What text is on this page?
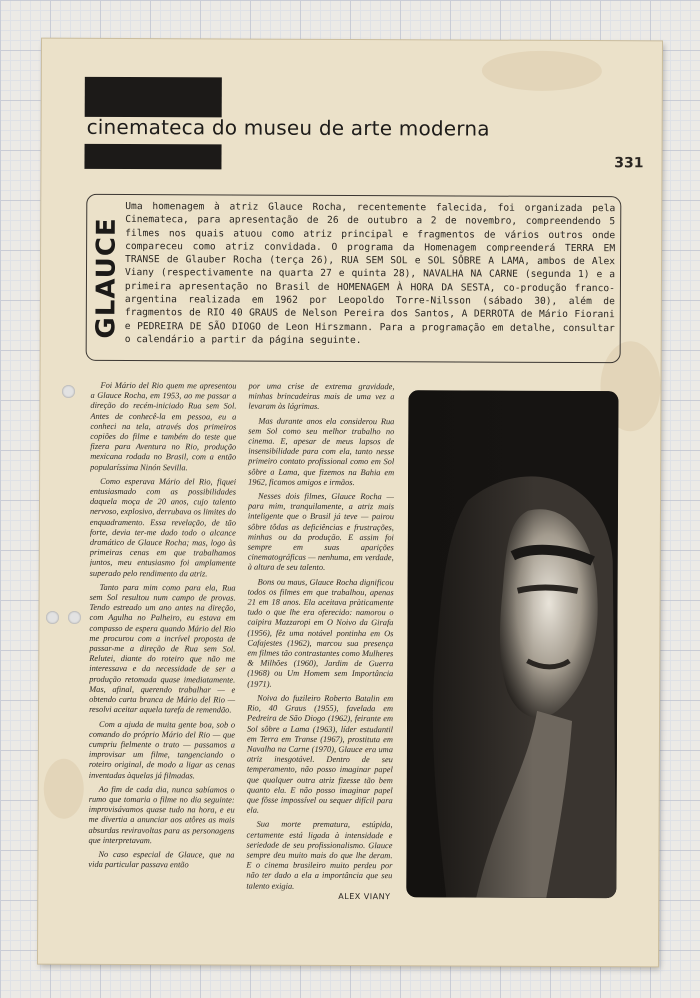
cinemateca do museu de arte moderna
331
GLAUCE

Uma homenagem à atriz Glauce Rocha, recentemente falecida, foi organizada pela Cinemateca, para apresentação de 26 de outubro a 2 de novembro, compreendendo 5 filmes nos quais atuou como atriz principal e fragmentos de vários outros onde compareceu como atriz convidada. O programa da Homenagem compreenderá TERRA EM TRANSE de Glauber Rocha (terça 26), RUA SEM SOL e SOL SÔBRE A LAMA, ambos de Alex Viany (respectivamente na quarta 27 e quinta 28), NAVALHA NA CARNE (segunda 1) e a primeira apresentação no Brasil de HOMENAGEM À HORA DA SESTA, co-produção franco-argentina realizada em 1962 por Leopoldo Torre-Nilsson (sábado 30), além de fragmentos de RIO 40 GRAUS de Nelson Pereira dos Santos, A DERROTA de Mário Fiorani e PEDREIRA DE SÃO DIOGO de Leon Hirszmann. Para a programação em detalhe, consultar o calendário a partir da página seguinte.

Foi Mário del Rio quem me apresentou a Glauce Rocha, em 1953, ao me passar a direção do recém-iniciado Rua sem Sol. Antes de conhecê-la em pessoa, eu a conheci na tela, através dos primeiros copiões do filme e também do teste que fizera para Aventura no Rio, produção mexicana rodada no Brasil, com a então popularíssima Ninón Sevilla.

Como esperava Mário del Rio, fiquei entusiasmado com as possibilidades daquela moça de 20 anos, cujo talento nervoso, explosivo, derrubava os limites do enquadramento. Essa revelação, de tão forte, devia ter-me dado todo o alcance dramático de Glauce Rocha; mas, logo às primeiras cenas em que trabalhamos juntos, meu entusiasmo foi amplamente superado pelo rendimento da atriz.

Tanto para mim como para ela, Rua sem Sol resultou num campo de provas. Tendo estreado um ano antes na direção, com Agulha no Palheiro, eu estava em compasso de espera quando Mário del Rio me procurou com a incrível proposta de passar-me a direção de Rua sem Sol. Relutei, diante do roteiro que não me interessava e da necessidade de ser a produção retomada quase imediatamente. Mas, afinal, querendo trabalhar — e obtendo carta branca de Mário del Rio — resolvi aceitar aquela tarefa de remendão.

Com a ajuda de muita gente boa, sob o comando do próprio Mário del Rio — que cumpriu fielmente o trato — passamos a improvisar um filme, tangenciando o roteiro original, de modo a ligar as cenas inventadas àquelas já filmadas.

Ao fim de cada dia, nunca sabíamos o rumo que tomaria o filme no dia seguinte: improvisávamos quase tudo na hora, e eu me divertia a anunciar aos atôres as mais absurdas reviravoltas para as personagens que interpretavam.

No caso especial de Glauce, que na vida particular passava então

por uma crise de extrema gravidade, minhas brincadeiras mais de uma vez a levaram às lágrimas.

Mas durante anos ela considerou Rua sem Sol como seu melhor trabalho no cinema. E, apesar de meus lapsos de insensibilidade para com ela, tanto nesse primeiro contato profissional como em Sol sôbre a Lama, que fizemos na Bahia em 1962, ficamos amigos e irmãos.

Nesses dois filmes, Glauce Rocha — para mim, tranquilamente, a atriz mais inteligente que o Brasil já teve — pairou sôbre tôdas as deficiências e frustrações, minhas ou da produção. E assim foi sempre em suas aparições cinematográficas — nenhuma, em verdade, à altura de seu talento.

Bons ou maus, Glauce Rocha dignificou todos os filmes em que trabalhou, apenas 21 em 18 anos. Ela aceitava pràticamente tudo o que lhe era oferecido: namorou o caipira Mazzaropi em O Noivo da Girafa (1956), fêz uma notável pontinha em Os Cafajestes (1962), marcou sua presença em filmes tão contrastantes como Mulheres & Milhões (1960), Jardim de Guerra (1968) ou Um Homem sem Importância (1971).

Noiva do fuzileiro Roberto Batalin em Rio, 40 Graus (1955), favelada em Pedreira de São Diogo (1962), feirante em Sol sôbre a Lama (1963), líder estudantil em Terra em Transe (1967), prostituta em Navalha na Carne (1970), Glauce era uma atriz inesgotável. Dentro de seu temperamento, não posso imaginar papel que qualquer outra atriz fizesse tão bem quanto ela. E não posso imaginar papel que fôsse impossível ou sequer difícil para ela.

Sua morte prematura, estúpida, certamente está ligada à intensidade e seriedade de seu profissionalismo. Glauce sempre deu muito mais do que lhe deram. E o cinema brasileiro muito perdeu por não ter dado a ela a importância que seu talento exigia.

ALEX VIANY
